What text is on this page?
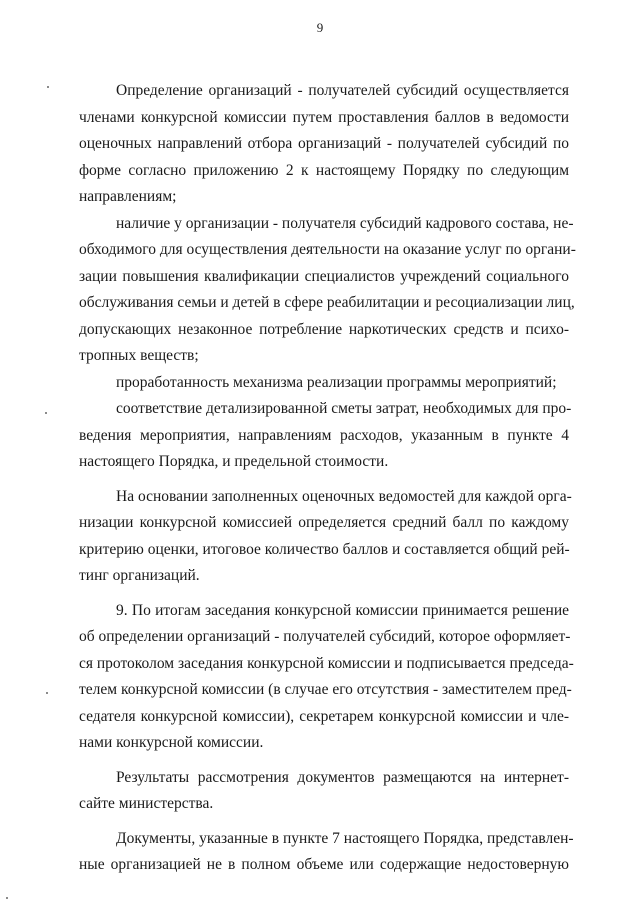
9
Определение организаций - получателей субсидий осуществляется
членами конкурсной комиссии путем проставления баллов в ведомости
оценочных направлений отбора организаций - получателей субсидий по
форме согласно приложению 2 к настоящему Порядку по следующим
направлениям;
наличие у организации - получателя субсидий кадрового состава, не-
обходимого для осуществления деятельности на оказание услуг по органи-
зации повышения квалификации специалистов учреждений социального
обслуживания семьи и детей в сфере реабилитации и ресоциализации лиц,
допускающих незаконное потребление наркотических средств и психо-
тропных веществ;
проработанность механизма реализации программы мероприятий;
соответствие детализированной сметы затрат, необходимых для про-
ведения мероприятия, направлениям расходов, указанным в пункте 4
настоящего Порядка, и предельной стоимости.
На основании заполненных оценочных ведомостей для каждой орга-
низации конкурсной комиссией определяется средний балл по каждому
критерию оценки, итоговое количество баллов и составляется общий рей-
тинг организаций.
9. По итогам заседания конкурсной комиссии принимается решение
об определении организаций - получателей субсидий, которое оформляет-
ся протоколом заседания конкурсной комиссии и подписывается председа-
телем конкурсной комиссии (в случае его отсутствия - заместителем пред-
седателя конкурсной комиссии), секретарем конкурсной комиссии и чле-
нами конкурсной комиссии.
Результаты рассмотрения документов размещаются на интернет-
сайте министерства.
Документы, указанные в пункте 7 настоящего Порядка, представлен-
ные организацией не в полном объеме или содержащие недостоверную
